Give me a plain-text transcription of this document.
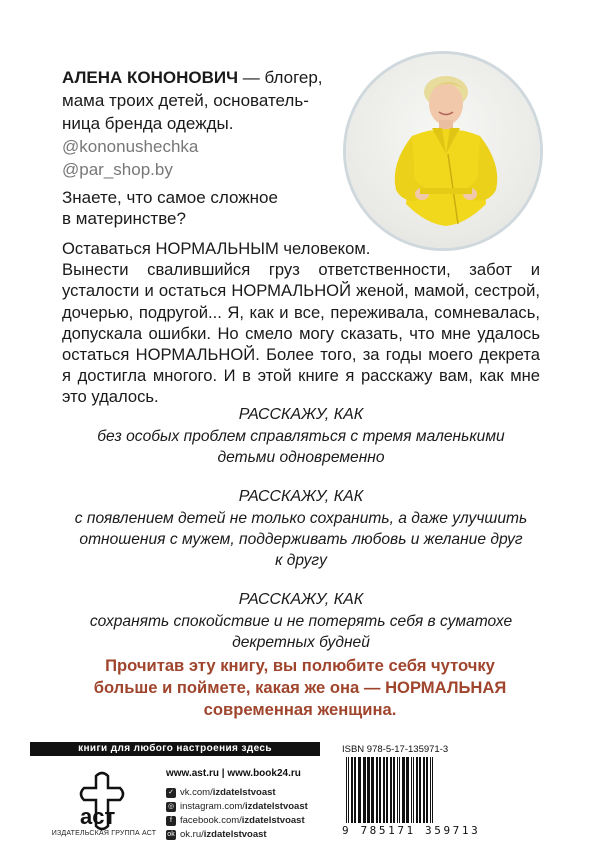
АЛЕНА КОНОНОВИЧ — блогер,
мама троих детей, основатель-
ница бренда одежды.
@kononushechka
@par_shop.by
Знаете, что самое сложное
в материнстве?

Оставаться НОРМАЛЬНЫМ человеком.

Вынести свалившийся груз ответственности, забот и усталости и остаться НОРМАЛЬНОЙ женой, мамой, сестрой, дочерью, подругой... Я, как и все, переживала, сомневалась, допускала ошибки. Но смело могу сказать, что мне удалось остаться НОРМАЛЬНОЙ. Более того, за годы моего декрета я достигла многого. И в этой книге я расскажу вам, как мне это удалось.

РАССКАЖУ, КАК
без особых проблем справляться с тремя маленькими
детьми одновременно
РАССКАЖУ, КАК
с появлением детей не только сохранить, а даже улучшить
отношения с мужем, поддерживать любовь и желание друг
к другу
РАССКАЖУ, КАК
сохранять спокойствие и не потерять себя в суматохе
декретных будней
Прочитав эту книгу, вы полюбите себя чуточку
больше и поймете, какая же она — НОРМАЛЬНАЯ
современная женщина.
книги для любого настроения здесь
аст
ИЗДАТЕЛЬСКАЯ ГРУППА АСТ
www.ast.ru | www.book24.ru
✓ vk.com/izdatelstvoast
◎ instagram.com/izdatelstvoast
f facebook.com/izdatelstvoast
ok ok.ru/izdatelstvoast
ISBN 978-5-17-135971-3
9 785171 359713
